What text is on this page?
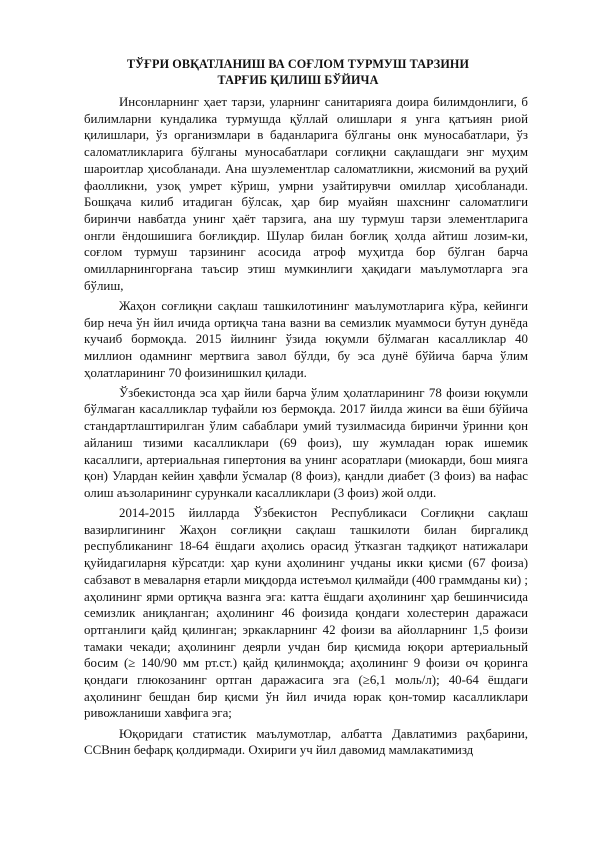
ТЎҒРИ ОВҚАТЛАНИШ ВА СОҒЛОМ ТУРМУШ ТАРЗИНИ
ТАРҒИБ ҚИЛИШ БЎЙИЧА

Инсонларнинг ҳает тарзи, уларнинг санитарияга доира билимдонлиги, б билимларни кундалика турмушда қўллай олишлари я унга қатъиян риой қилишлари, ўз организмлари в баданларига бўлганы онк муносабатлари, ўз саломатликларига бўлганы муносабатлари соғлиқни сақлашдаги энг муҳим шароитлар ҳисобланади. Ана шуэлементлар саломатликни, жисмоний ва руҳий фаолликни, узоқ умрет кўриш, умрни узайтирувчи омиллар ҳисобланади. Бошқача килиб итадиган бўлсак, ҳар бир муайян шахснинг саломатлиги биринчи навбатда унинг ҳаёт тарзига, ана шу турмуш тарзи элементларига онгли ёндошишига боғлиқдир. Шулар билан боғлиқ ҳолда айтиш лозим-ки, соғлом турмуш тарзининг асосида атроф муҳитда бор бўлган барча омилларнингорғана таъсир этиш мумкинлиги ҳақидаги маълумотларга эга бўлиш,

Жаҳон соғлиқни сақлаш ташкилотининг маълумотларига кўра, кейинги бир неча ўн йил ичида ортиқча тана вазни ва семизлик муаммоси бутун дунёда кучаиб бормоқда. 2015 йилнинг ўзида юқумли бўлмаган касалликлар 40 миллион одамнинг мертвига завол бўлди, бу эса дунё бўйича барча ўлим ҳолатларининг 70 фоизинишкил қилади.

Ўзбекистонда эса ҳар йили барча ўлим ҳолатларининг 78 фоизи юқумли бўлмаган касалликлар туфайли юз бермоқда. 2017 йилда жинси ва ёши бўйича стандартлаштирилган ўлим сабаблари умий тузилмасида биринчи ўринни қон айланиш тизими касалликлари (69 фоиз), шу жумладан юрак ишемик касаллиги, артериальная гипертония ва унинг асоратлари (миокарди, бош мияга қон) Улардан кейин ҳавфли ўсмалар (8 фоиз), қандли диабет (3 фоиз) ва нафас олиш аъзоларининг сурункали касалликлари (3 фоиз) жой олди.

2014-2015 йилларда Ўзбекистон Республикаси Соғлиқни сақлаш вазирлигининг Жаҳон соғлиқни сақлаш ташкилоти билан биргаликд республиканинг 18-64 ёшдаги аҳолись орасид ўтказган тадқиқот натижалари қуйидагиларня кўрсатди: ҳар куни аҳолининг учданы икки қисми (67 фоиза) сабзавот в меваларня етарли миқдорда истеъмол қилмайди (400 граммданы ки) ; аҳолининг ярми ортиқча вазнга эга: катта ёшдаги аҳолининг ҳар бешинчисида семизлик аниқланган; аҳолининг 46 фоизида қондаги холестерин даражаси ортганлиги қайд қилинган; эркакларнинг 42 фоизи ва айолларнинг 1,5 фоизи тамаки чекади; аҳолининг деярли учдан бир қисмида юқори артериальный босим (≥ 140/90 мм рт.ст.) қайд қилинмоқда; аҳолининг 9 фоизи оч қоринга қондаги глюкозанинг ортган даражасига эга (≥6,1 моль/л); 40-64 ёшдаги аҳолининг бешдан бир қисми ўн йил ичида юрак қон-томир касалликлари ривожланиши хавфига эга;

Юқоридаги статистик маълумотлар, албатта Давлатимиз раҳбарини, ССВнин бефарқ қолдирмади. Охириги уч йил давомид мамлакатимизд
